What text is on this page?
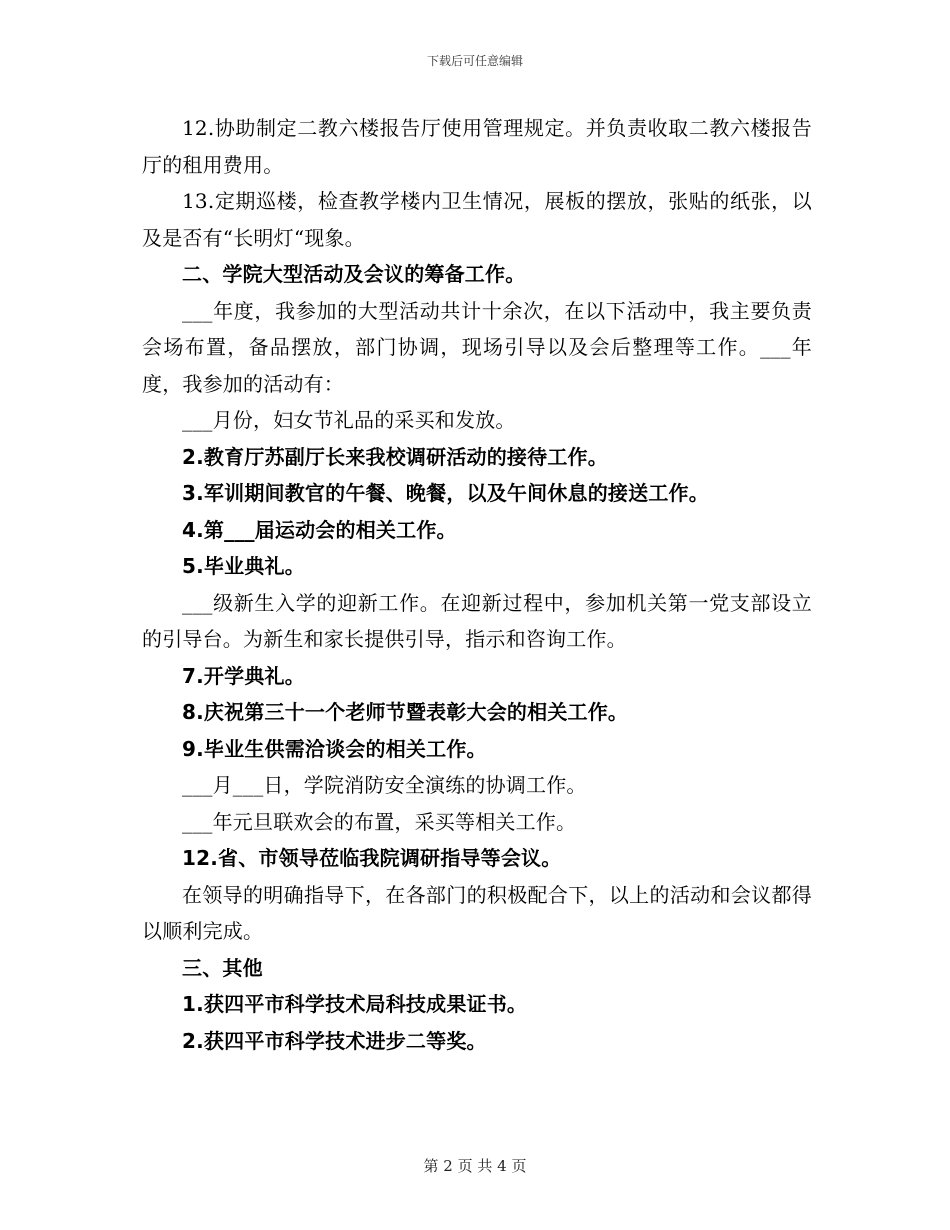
下载后可任意编辑

12.协助制定二教六楼报告厅使用管理规定。并负责收取二教六楼报告厅的租用费用。

13.定期巡楼，检查教学楼内卫生情况，展板的摆放，张贴的纸张，以及是否有“长明灯“现象。

二、学院大型活动及会议的筹备工作。

___年度，我参加的大型活动共计十余次，在以下活动中，我主要负责会场布置，备品摆放，部门协调，现场引导以及会后整理等工作。___年度，我参加的活动有：

___月份，妇女节礼品的采买和发放。

2.教育厅苏副厅长来我校调研活动的接待工作。

3.军训期间教官的午餐、晚餐，以及午间休息的接送工作。

4.第___届运动会的相关工作。

5.毕业典礼。

___级新生入学的迎新工作。在迎新过程中，参加机关第一党支部设立的引导台。为新生和家长提供引导，指示和咨询工作。

7.开学典礼。

8.庆祝第三十一个老师节暨表彰大会的相关工作。

9.毕业生供需洽谈会的相关工作。

___月___日，学院消防安全演练的协调工作。

___年元旦联欢会的布置，采买等相关工作。

12.省、市领导莅临我院调研指导等会议。

在领导的明确指导下，在各部门的积极配合下，以上的活动和会议都得以顺利完成。

三、其他

1.获四平市科学技术局科技成果证书。

2.获四平市科学技术进步二等奖。

第 2 页 共 4 页
